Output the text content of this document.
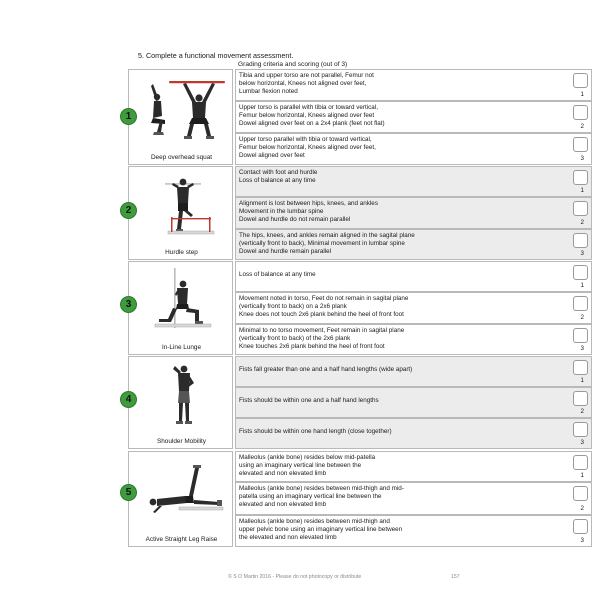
5. Complete a functional movement assessment.
Grading criteria and scoring (out of 3)
Deep overhead squat
1
Tibia and upper torso are not parallel, Femur not
below horizontal, Knees not aligned over feet,
Lumbar flexion noted	1
Upper torso is parallel with tibia or toward vertical,
Femur below horizontal, Knees aligned over feet
Dowel aligned over feet on a 2x4 plank (feet not flat)	2
Upper torso parallel with tibia or toward vertical,
Femur below horizontal, Knees aligned over feet,
Dowel aligned over feet	3
Hurdle step
2
Contact with foot and hurdle
Loss of balance at any time
1
Alignment is lost between hips, knees, and ankles
Movement in the lumbar spine
Dowel and hurdle do not remain parallel	2
The hips, knees, and ankles remain aligned in the sagital plane
(vertically front to back), Minimal movement in lumbar spine
Dowel and hurdle remain parallel	3
In-Line Lunge
3
Loss of balance at any time
1
Movement noted in torso, Feet do not remain in sagital plane
(vertically front to back) on a 2x6 plank
Knee does not touch 2x6 plank behind the heel of front foot	2
Minimal to no torso movement, Feet remain in sagital plane
(vertically front to back) of the 2x6 plank
Knee touches 2x6 plank behind the heel of front foot	3
Shoulder Mobility
4
Fists fall greater than one and a half hand lengths (wide apart)
1
Fists should be within one and a half hand lengths
2
Fists should be within one hand length (close together)
3
Active Straight Leg Raise
5
Malleolus (ankle bone) resides below mid-patella
using an imaginary vertical line between the
elevated and non elevated limb	1
Malleolus (ankle bone) resides between mid-thigh and mid-
patella using an imaginary vertical line between the
elevated and non elevated limb
2
Malleolus (ankle bone) resides between mid-thigh and
upper pelvic bone using an imaginary vertical line between
the elevated and non elevated limb	3
© S O Martin 2016 - Please do not photocopy or distribute	157
